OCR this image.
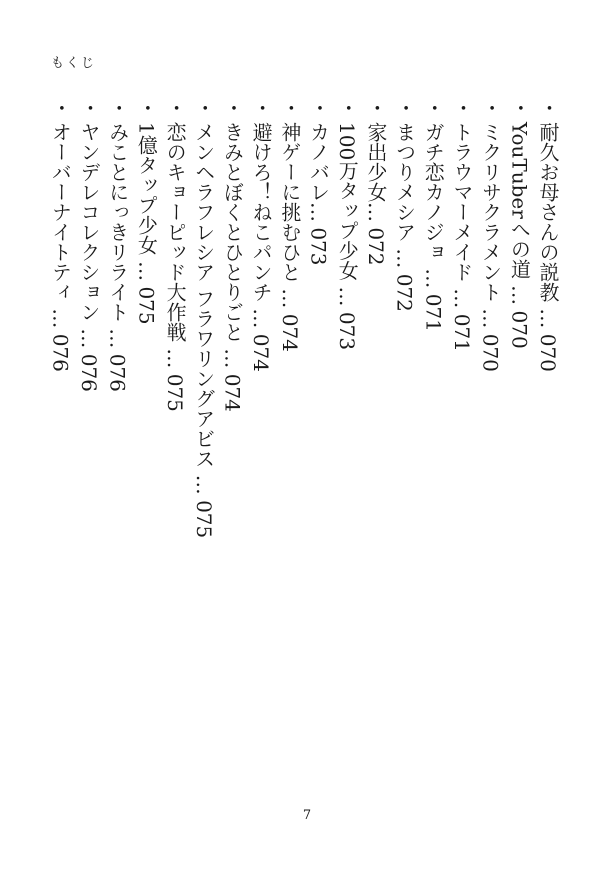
もくじ
・耐久お母さんの説教 … 070
・YouTuberへの道 … 070
・ミクリサクラメント … 070
・トラウマーメイド … 071
・ガチ恋カノジョ … 071
・まつりメシア … 072
・家出少女… 072
・100万タップ少女 … 073
・カノバレ… 073
・神ゲーに挑むひと … 074
・避けろ！ねこパンチ … 074
・きみとぼくとひとりごと … 074
・メンヘラフレシア フラワリングアビス … 075
・恋のキョーピッド大作戦 … 075
・1億タップ少女 … 075
・みことにっきリライト … 076
・ヤンデレコレクション … 076
・オーバーナイトティ … 076
7
